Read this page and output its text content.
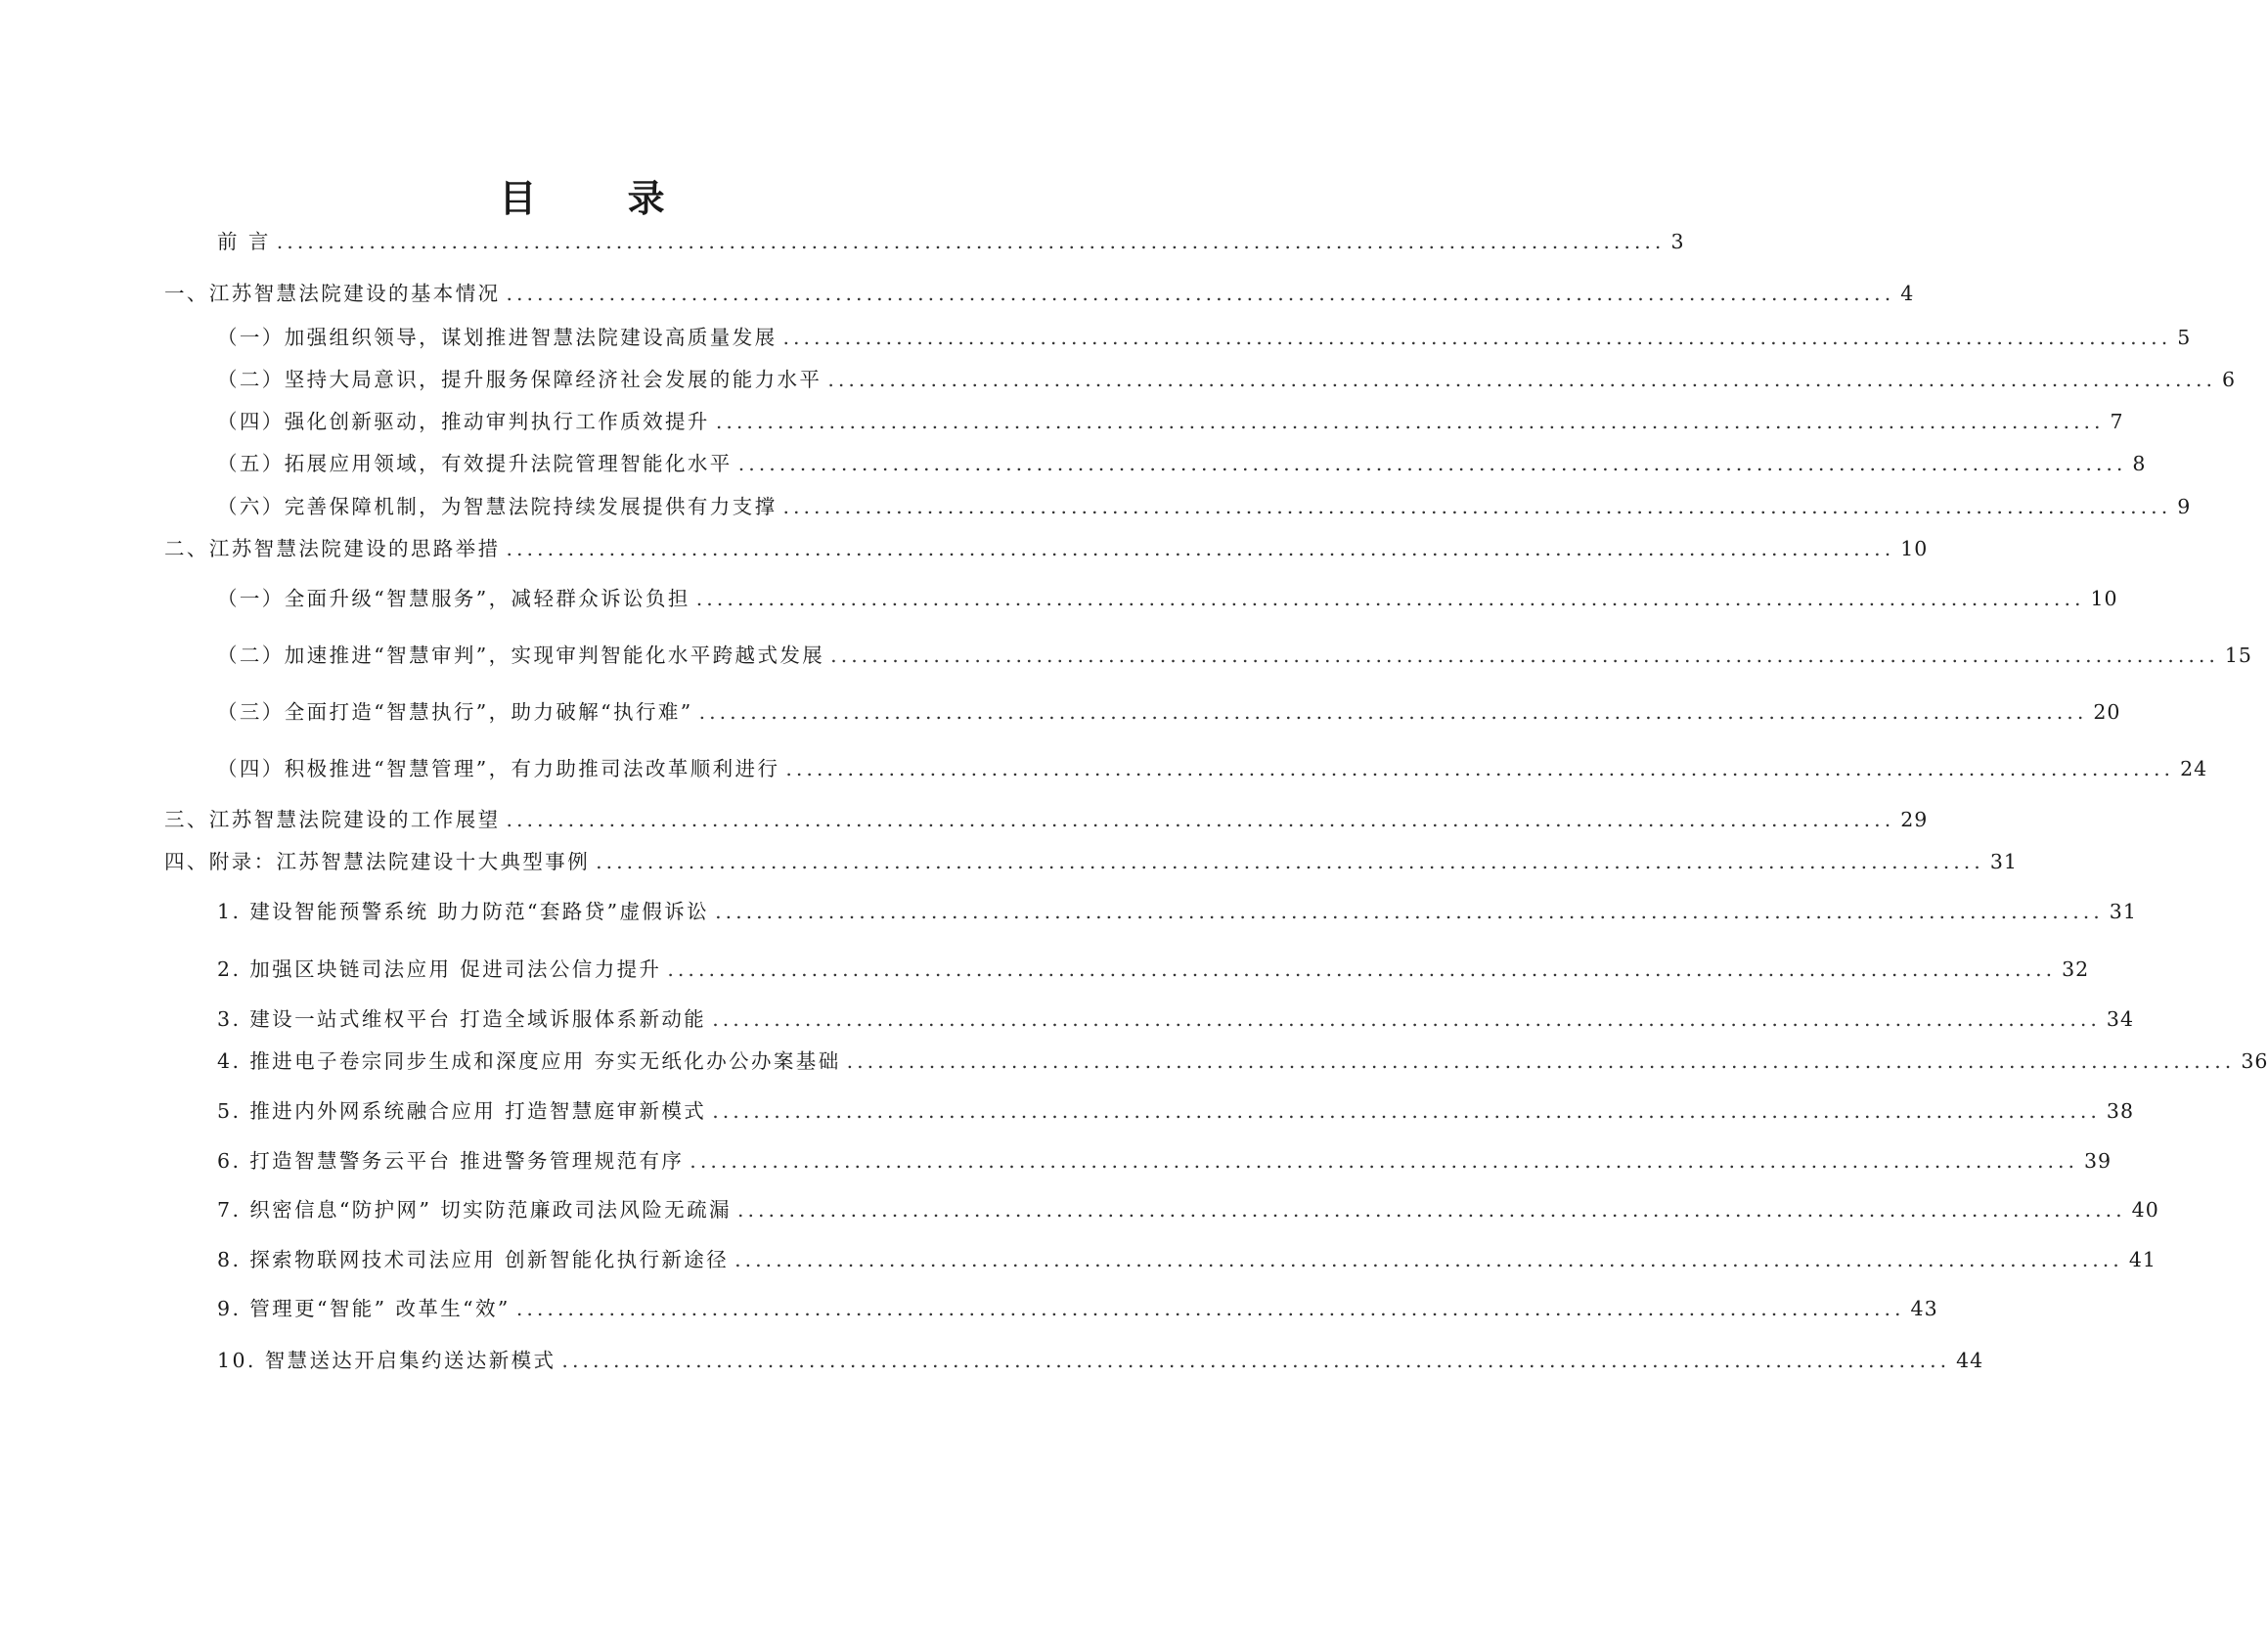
目 录
前 言 ....................................................................................................................................... 3
一、江苏智慧法院建设的基本情况 ....................................................................................................................................... 4
（一）加强组织领导，谋划推进智慧法院建设高质量发展 ....................................................................................................................................... 5
（二）坚持大局意识，提升服务保障经济社会发展的能力水平 ....................................................................................................................................... 6
（四）强化创新驱动，推动审判执行工作质效提升 ....................................................................................................................................... 7
（五）拓展应用领域，有效提升法院管理智能化水平 ....................................................................................................................................... 8
（六）完善保障机制，为智慧法院持续发展提供有力支撑 ....................................................................................................................................... 9
二、江苏智慧法院建设的思路举措 ....................................................................................................................................... 10
（一）全面升级“智慧服务”，减轻群众诉讼负担 ....................................................................................................................................... 10
（二）加速推进“智慧审判”，实现审判智能化水平跨越式发展 ....................................................................................................................................... 15
（三）全面打造“智慧执行”，助力破解“执行难” ....................................................................................................................................... 20
（四）积极推进“智慧管理”，有力助推司法改革顺利进行 ....................................................................................................................................... 24
三、江苏智慧法院建设的工作展望 ....................................................................................................................................... 29
四、附录：江苏智慧法院建设十大典型事例 ....................................................................................................................................... 31
1. 建设智能预警系统 助力防范“套路贷”虚假诉讼 ....................................................................................................................................... 31
2. 加强区块链司法应用 促进司法公信力提升 ....................................................................................................................................... 32
3. 建设一站式维权平台 打造全域诉服体系新动能 ....................................................................................................................................... 34
4. 推进电子卷宗同步生成和深度应用 夯实无纸化办公办案基础 ....................................................................................................................................... 36
5. 推进内外网系统融合应用 打造智慧庭审新模式 ....................................................................................................................................... 38
6. 打造智慧警务云平台 推进警务管理规范有序 ....................................................................................................................................... 39
7. 织密信息“防护网” 切实防范廉政司法风险无疏漏 ....................................................................................................................................... 40
8. 探索物联网技术司法应用 创新智能化执行新途径 ....................................................................................................................................... 41
9. 管理更“智能” 改革生“效” ....................................................................................................................................... 43
10. 智慧送达开启集约送达新模式 ....................................................................................................................................... 44
